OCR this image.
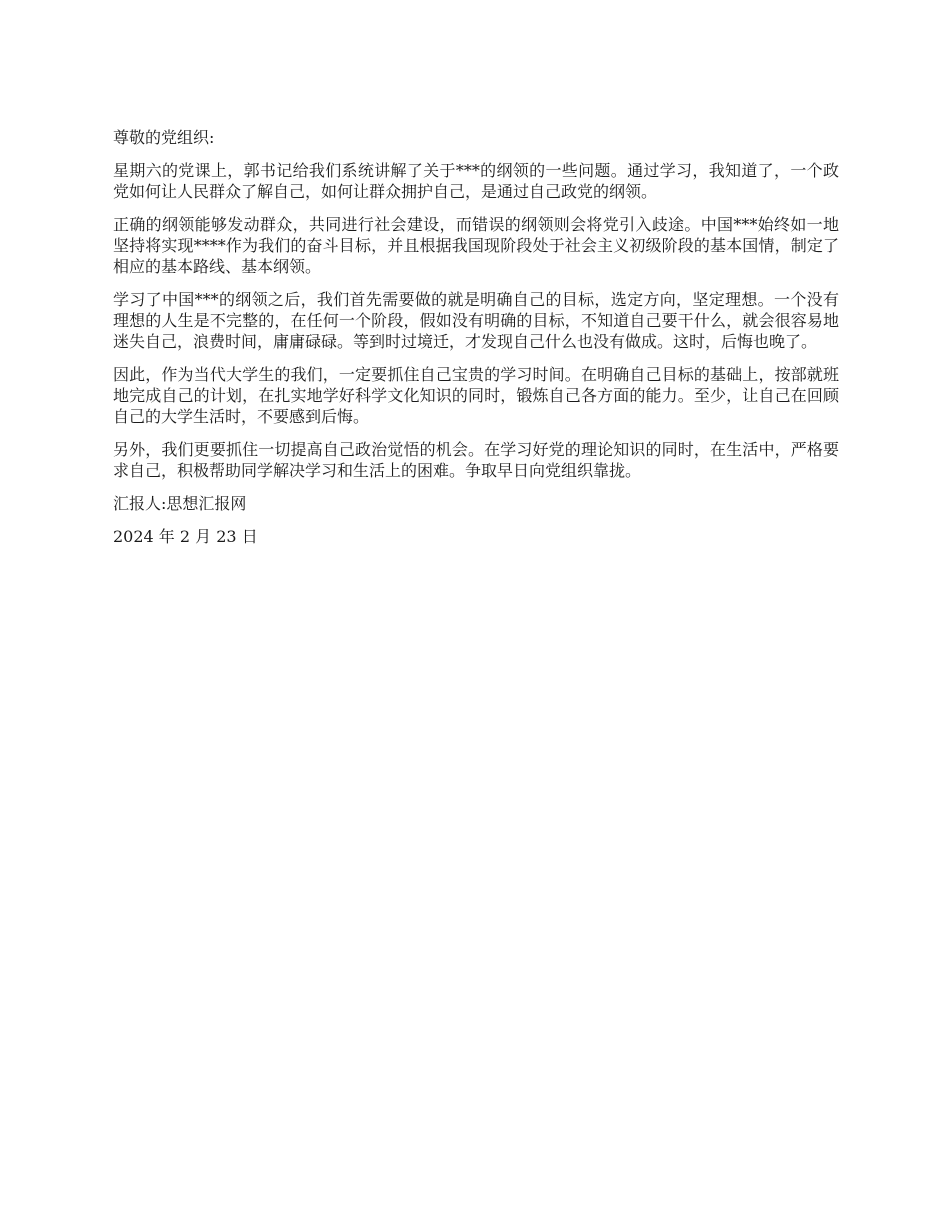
尊敬的党组织:

星期六的党课上，郭书记给我们系统讲解了关于***的纲领的一些问题。通过学习，我知道了，一个政党如何让人民群众了解自己，如何让群众拥护自己，是通过自己政党的纲领。

正确的纲领能够发动群众，共同进行社会建设，而错误的纲领则会将党引入歧途。中国***始终如一地坚持将实现****作为我们的奋斗目标，并且根据我国现阶段处于社会主义初级阶段的基本国情，制定了相应的基本路线、基本纲领。

学习了中国***的纲领之后，我们首先需要做的就是明确自己的目标，选定方向，坚定理想。一个没有理想的人生是不完整的，在任何一个阶段，假如没有明确的目标，不知道自己要干什么，就会很容易地迷失自己，浪费时间，庸庸碌碌。等到时过境迁，才发现自己什么也没有做成。这时，后悔也晚了。

因此，作为当代大学生的我们，一定要抓住自己宝贵的学习时间。在明确自己目标的基础上，按部就班地完成自己的计划，在扎实地学好科学文化知识的同时，锻炼自己各方面的能力。至少，让自己在回顾自己的大学生活时，不要感到后悔。

另外，我们更要抓住一切提高自己政治觉悟的机会。在学习好党的理论知识的同时，在生活中，严格要求自己，积极帮助同学解决学习和生活上的困难。争取早日向党组织靠拢。

汇报人:思想汇报网

2024 年 2 月 23 日
